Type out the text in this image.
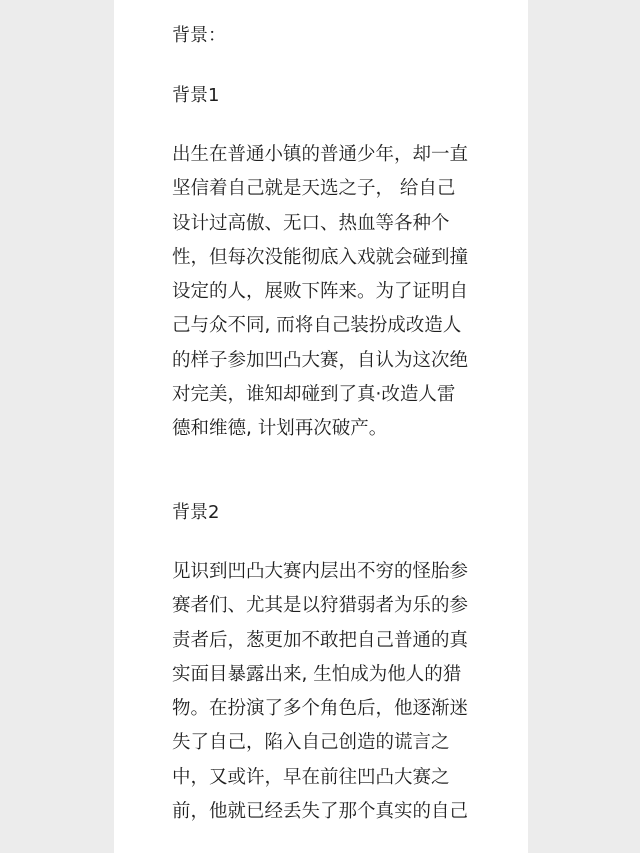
背景：
背景1
出生在普通小镇的普通少年，却一直
坚信着自己就是天选之子， 给自己
设计过高傲、无口、热血等各种个
性，但每次没能彻底入戏就会碰到撞
设定的人，展败下阵来。为了证明自
己与众不同, 而将自己装扮成改造人
的样子参加凹凸大赛，自认为这次绝
对完美，谁知却碰到了真·改造人雷
德和维德, 计划再次破产。
背景2
见识到凹凸大赛内层出不穷的怪胎参
赛者们、尤其是以狩猎弱者为乐的参
责者后，葱更加不敢把自己普通的真
实面目暴露出来, 生怕成为他人的猎
物。在扮演了多个角色后，他逐渐迷
失了自己，陷入自己创造的谎言之
中，又或许，早在前往凹凸大赛之
前，他就已经丢失了那个真实的自己
